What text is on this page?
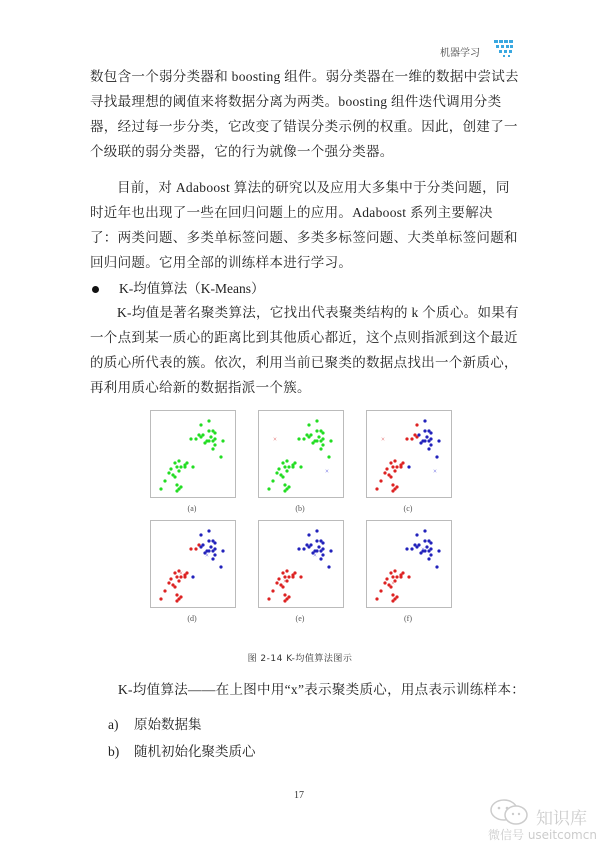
机器学习
数包含一个弱分类器和 boosting 组件。弱分类器在一维的数据中尝试去寻找最理想的阈值来将数据分离为两类。boosting 组件迭代调用分类器，经过每一步分类，它改变了错误分类示例的权重。因此，创建了一个级联的弱分类器，它的行为就像一个强分类器。
目前，对 Adaboost 算法的研究以及应用大多集中于分类问题，同时近年也出现了一些在回归问题上的应用。Adaboost 系列主要解决了：两类问题、多类单标签问题、多类多标签问题、大类单标签问题和回归问题。它用全部的训练样本进行学习。
K-均值算法（K-Means）
K-均值是著名聚类算法，它找出代表聚类结构的 k 个质心。如果有一个点到某一质心的距离比到其他质心都近，这个点则指派到这个最近的质心所代表的簇。依次，利用当前已聚类的数据点找出一个新质心，再利用质心给新的数据指派一个簇。
×
×
×
×
×
×
×
×
×
×
(a)	(b)	(c)
(d)	(e)	(f)
图 2-14 K-均值算法图示
K-均值算法——在上图中用“x”表示聚类质心，用点表示训练样本：
a) 原始数据集
b) 随机初始化聚类质心
17
知识库
微信号 useitcomcn
